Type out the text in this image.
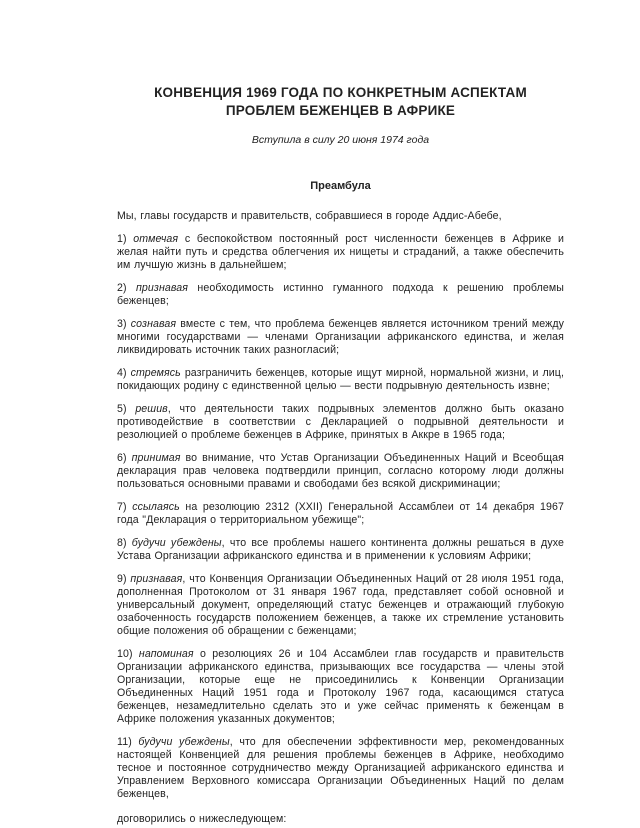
КОНВЕНЦИЯ 1969 ГОДА ПО КОНКРЕТНЫМ АСПЕКТАМ
ПРОБЛЕМ БЕЖЕНЦЕВ В АФРИКЕ

Вступила в силу 20 июня 1974 года

Преамбула

Мы, главы государств и правительств, собравшиеся в городе Аддис-Абебе,

1) отмечая с беспокойством постоянный рост численности беженцев в Африке и желая найти путь и средства облегчения их нищеты и страданий, а также обеспечить им лучшую жизнь в дальнейшем;

2) признавая необходимость истинно гуманного подхода к решению проблемы беженцев;

3) сознавая вместе с тем, что проблема беженцев является источником трений между многими государствами — членами Организации африканского единства, и желая ликвидировать источник таких разногласий;

4) стремясь разграничить беженцев, которые ищут мирной, нормальной жизни, и лиц, покидающих родину с единственной целью — вести подрывную деятельность извне;

5) решив, что деятельности таких подрывных элементов должно быть оказано противодействие в соответствии с Декларацией о подрывной деятельности и резолюцией о проблеме беженцев в Африке, принятых в Аккре в 1965 года;

6) принимая во внимание, что Устав Организации Объединенных Наций и Всеобщая декларация прав человека подтвердили принцип, согласно которому люди должны пользоваться основными правами и свободами без всякой дискриминации;

7) ссылаясь на резолюцию 2312 (XXII) Генеральной Ассамблеи от 14 декабря 1967 года "Декларация о территориальном убежище";

8) будучи убеждены, что все проблемы нашего континента должны решаться в духе Устава Организации африканского единства и в применении к условиям Африки;

9) признавая, что Конвенция Организации Объединенных Наций от 28 июля 1951 года, дополненная Протоколом от 31 января 1967 года, представляет собой основной и универсальный документ, определяющий статус беженцев и отражающий глубокую озабоченность государств положением беженцев, а также их стремление установить общие положения об обращении с беженцами;

10) напоминая о резолюциях 26 и 104 Ассамблеи глав государств и правительств Организации африканского единства, призывающих все государства — члены этой Организации, которые еще не присоединились к Конвенции Организации Объединенных Наций 1951 года и Протоколу 1967 года, касающимся статуса беженцев, незамедлительно сделать это и уже сейчас применять к беженцам в Африке положения указанных документов;

11) будучи убеждены, что для обеспечении эффективности мер, рекомендованных настоящей Конвенцией для решения проблемы беженцев в Африке, необходимо тесное и постоянное сотрудничество между Организацией африканского единства и Управлением Верховного комиссара Организации Объединенных Наций по делам беженцев,

договорились о нижеследующем:
